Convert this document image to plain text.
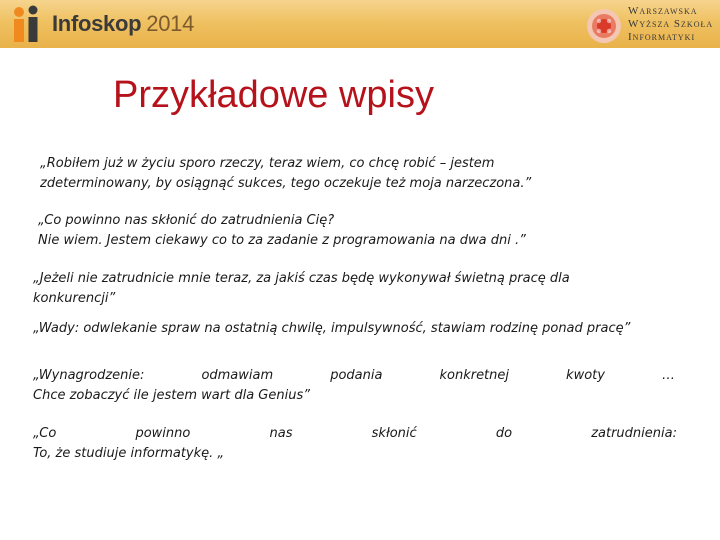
Infoskop 2014	Warszawska
Wyższa Szkoła
Informatyki
Przykładowe wpisy
„Robiłem już w życiu sporo rzeczy, teraz wiem, co chcę robić – jestem
zdeterminowany, by osiągnąć sukces, tego oczekuje też moja narzeczona.”
„Co powinno nas skłonić do zatrudnienia Cię?
Nie wiem. Jestem ciekawy co to za zadanie z programowania na dwa dni .”
„Jeżeli nie zatrudnicie mnie teraz, za jakiś czas będę wykonywał świetną pracę dla
konkurencji”
„Wady: odwlekanie spraw na ostatnią chwilę, impulsywność, stawiam rodzinę ponad pracę”
„Wynagrodzenie:	odmawiam	podania	konkretnej	kwoty	…
Chce zobaczyć ile jestem wart dla Genius”
„Co	powinno	nas	skłonić	do	zatrudnienia:
To, że studiuje informatykę. „
